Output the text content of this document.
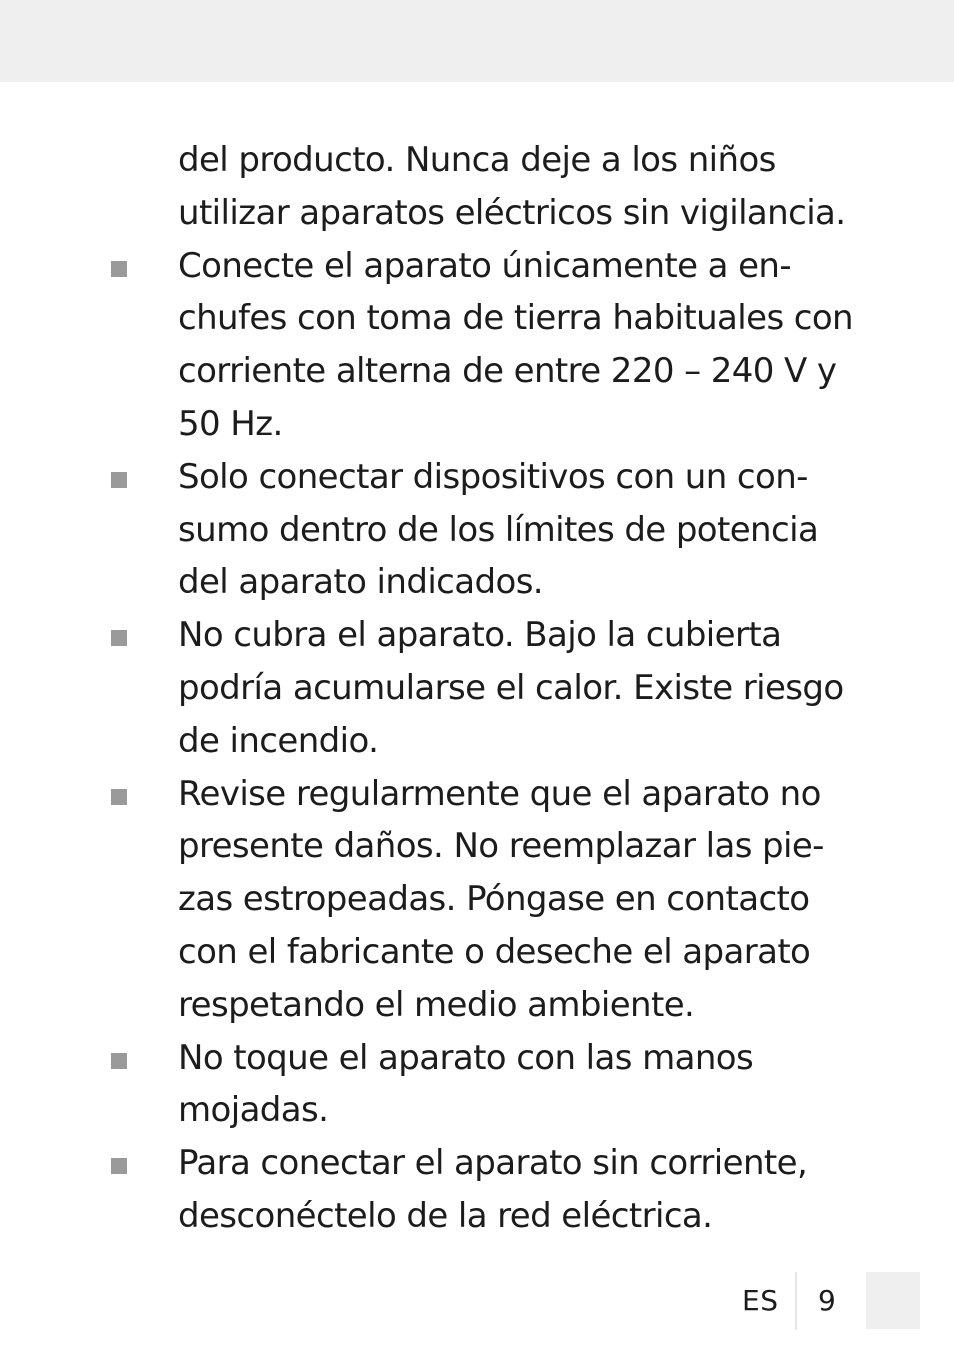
del producto. Nunca deje a los niños
utilizar aparatos eléctricos sin vigilancia.
Conecte el aparato únicamente a en-
chufes con toma de tierra habituales con
corriente alterna de entre 220 – 240 V y
50 Hz.
Solo conectar dispositivos con un con-
sumo dentro de los límites de potencia
del aparato indicados.
No cubra el aparato. Bajo la cubierta
podría acumularse el calor. Existe riesgo
de incendio.
Revise regularmente que el aparato no
presente daños. No reemplazar las pie-
zas estropeadas. Póngase en contacto
con el fabricante o deseche el aparato
respetando el medio ambiente.
No toque el aparato con las manos
mojadas.
Para conectar el aparato sin corriente,
desconéctelo de la red eléctrica.
ES 9
